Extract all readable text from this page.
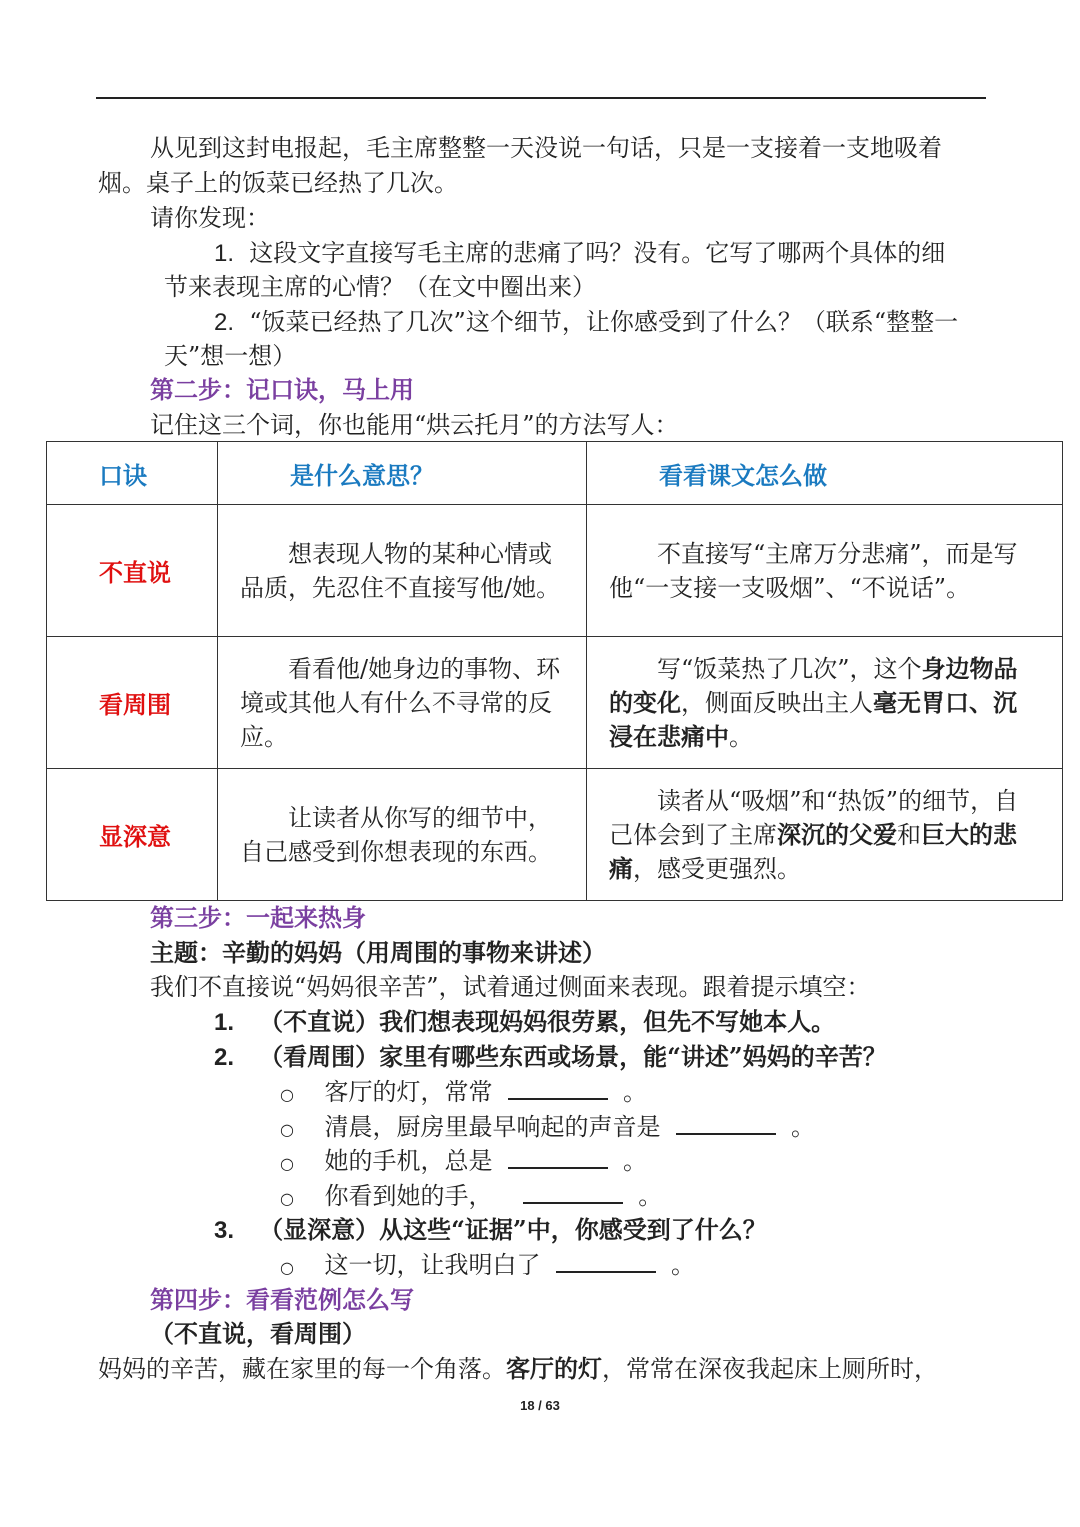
从见到这封电报起，毛主席整整一天没说一句话，只是一支接着一支地吸着
烟。桌子上的饭菜已经热了几次。
请你发现：
1. 这段文字直接写毛主席的悲痛了吗？没有。它写了哪两个具体的细
节来表现主席的心情？（在文中圈出来）
2. “饭菜已经热了几次”这个细节，让你感受到了什么？（联系“整整一
天”想一想）
第二步：记口诀，马上用
记住这三个词，你也能用“烘云托月”的方法写人：
口诀	是什么意思？	看看课文怎么做
不直说	想表现人物的某种心情或品质，先忍住不直接写他/她。	不直接写“主席万分悲痛”，而是写他“一支接一支吸烟”、“不说话”。

看周围	看看他/她身边的事物、环境或其他人有什么不寻常的反应。	写“饭菜热了几次”，这个身边物品的变化，侧面反映出主人毫无胃口、沉浸在悲痛中。

显深意	让读者从你写的细节中，自己感受到你想表现的东西。	读者从“吸烟”和“热饭”的细节，自己体会到了主席深沉的父爱和巨大的悲痛，感受更强烈。
第三步：一起来热身
主题：辛勤的妈妈（用周围的事物来讲述）
我们不直接说“妈妈很辛苦”，试着通过侧面来表现。跟着提示填空：
1. （不直说）我们想表现妈妈很劳累，但先不写她本人。
2. （看周围）家里有哪些东西或场景，能“讲述”妈妈的辛苦？
○ 客厅的灯，常常	。
○ 清晨，厨房里最早响起的声音是	。
○ 她的手机，总是	。
○ 你看到她的手，	。
3. （显深意）从这些“证据”中，你感受到了什么？
○ 这一切，让我明白了	。
第四步：看看范例怎么写
（不直说，看周围）
妈妈的辛苦，藏在家里的每一个角落。客厅的灯，常常在深夜我起床上厕所时，
18 / 63
